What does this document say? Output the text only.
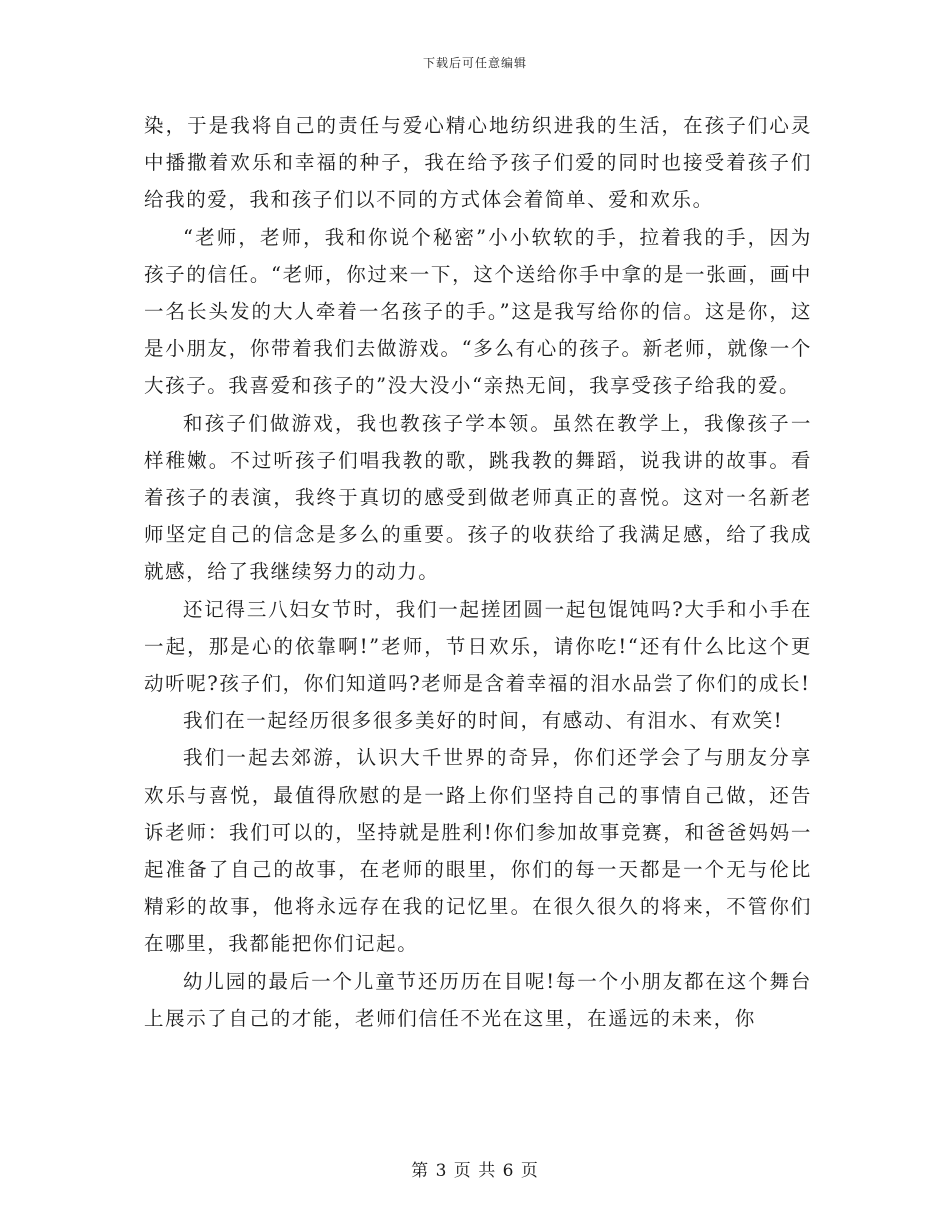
下载后可任意编辑

染，于是我将自己的责任与爱心精心地纺织进我的生活，在孩子们心灵中播撒着欢乐和幸福的种子，我在给予孩子们爱的同时也接受着孩子们给我的爱，我和孩子们以不同的方式体会着简单、爱和欢乐。

“老师，老师，我和你说个秘密”小小软软的手，拉着我的手，因为孩子的信任。“老师，你过来一下，这个送给你手中拿的是一张画，画中一名长头发的大人牵着一名孩子的手。”这是我写给你的信。这是你，这是小朋友，你带着我们去做游戏。“多么有心的孩子。新老师，就像一个大孩子。我喜爱和孩子的”没大没小“亲热无间，我享受孩子给我的爱。

和孩子们做游戏，我也教孩子学本领。虽然在教学上，我像孩子一样稚嫩。不过听孩子们唱我教的歌，跳我教的舞蹈，说我讲的故事。看着孩子的表演，我终于真切的感受到做老师真正的喜悦。这对一名新老师坚定自己的信念是多么的重要。孩子的收获给了我满足感，给了我成就感，给了我继续努力的动力。

还记得三八妇女节时，我们一起搓团圆一起包馄饨吗?大手和小手在一起，那是心的依靠啊!”老师，节日欢乐，请你吃!“还有什么比这个更动听呢?孩子们，你们知道吗?老师是含着幸福的泪水品尝了你们的成长!

我们在一起经历很多很多美好的时间，有感动、有泪水、有欢笑!

我们一起去郊游，认识大千世界的奇异，你们还学会了与朋友分享欢乐与喜悦，最值得欣慰的是一路上你们坚持自己的事情自己做，还告诉老师：我们可以的，坚持就是胜利!你们参加故事竞赛，和爸爸妈妈一起准备了自己的故事，在老师的眼里，你们的每一天都是一个无与伦比精彩的故事，他将永远存在我的记忆里。在很久很久的将来，不管你们在哪里，我都能把你们记起。

幼儿园的最后一个儿童节还历历在目呢!每一个小朋友都在这个舞台上展示了自己的才能，老师们信任不光在这里，在遥远的未来，你

第 3 页 共 6 页
